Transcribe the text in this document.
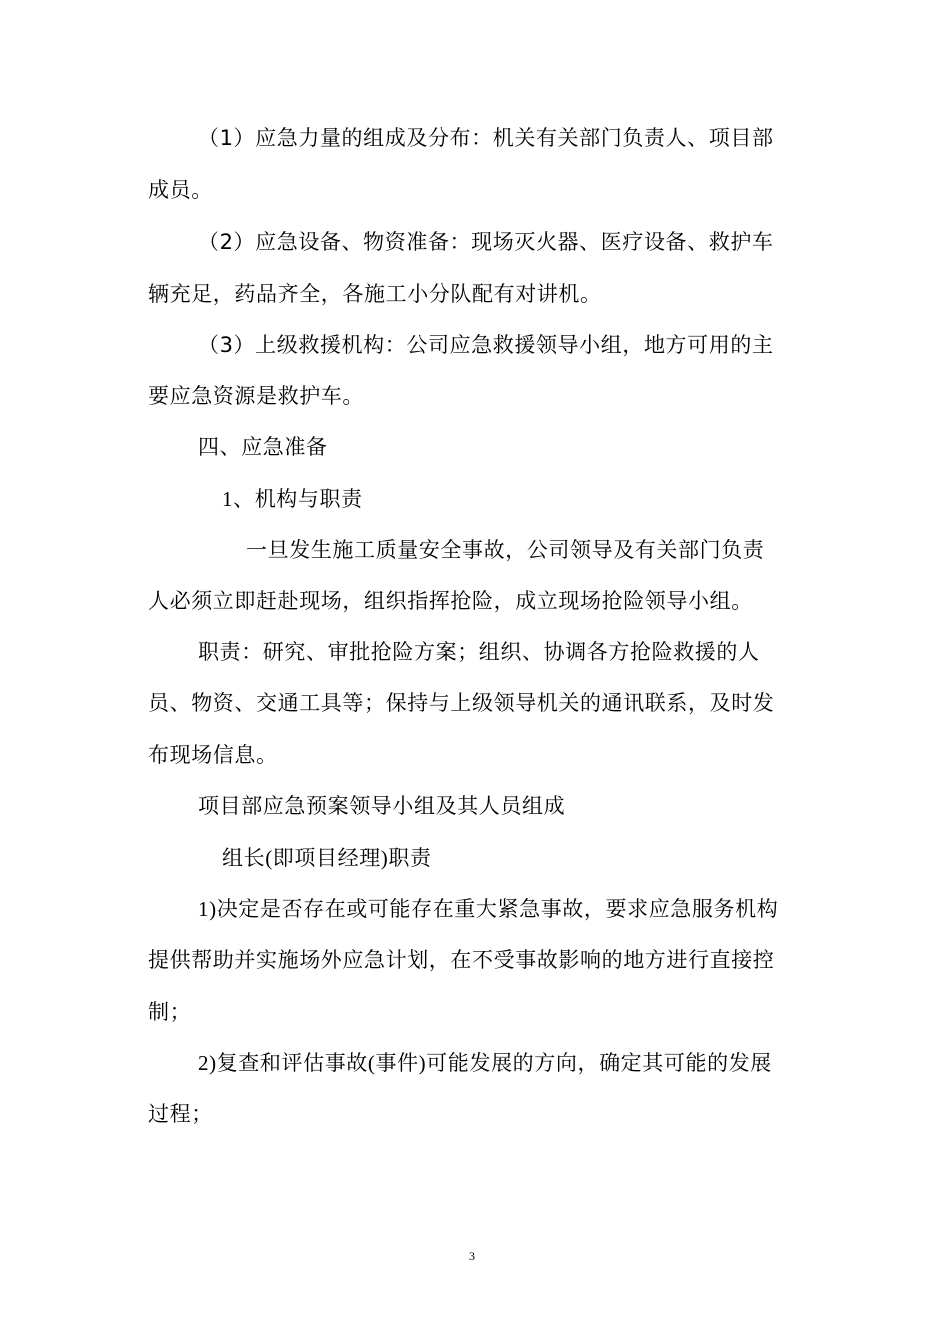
（1）应急力量的组成及分布：机关有关部门负责人、项目部
成员。
（2）应急设备、物资准备：现场灭火器、医疗设备、救护车
辆充足，药品齐全，各施工小分队配有对讲机。
（3）上级救援机构：公司应急救援领导小组，地方可用的主
要应急资源是救护车。
四、应急准备
1、机构与职责
一旦发生施工质量安全事故，公司领导及有关部门负责
人必须立即赶赴现场，组织指挥抢险，成立现场抢险领导小组。
职责：研究、审批抢险方案；组织、协调各方抢险救援的人
员、物资、交通工具等；保持与上级领导机关的通讯联系，及时发
布现场信息。
项目部应急预案领导小组及其人员组成
组长(即项目经理)职责
1)决定是否存在或可能存在重大紧急事故，要求应急服务机构
提供帮助并实施场外应急计划，在不受事故影响的地方进行直接控
制；
2)复查和评估事故(事件)可能发展的方向，确定其可能的发展
过程；
3
